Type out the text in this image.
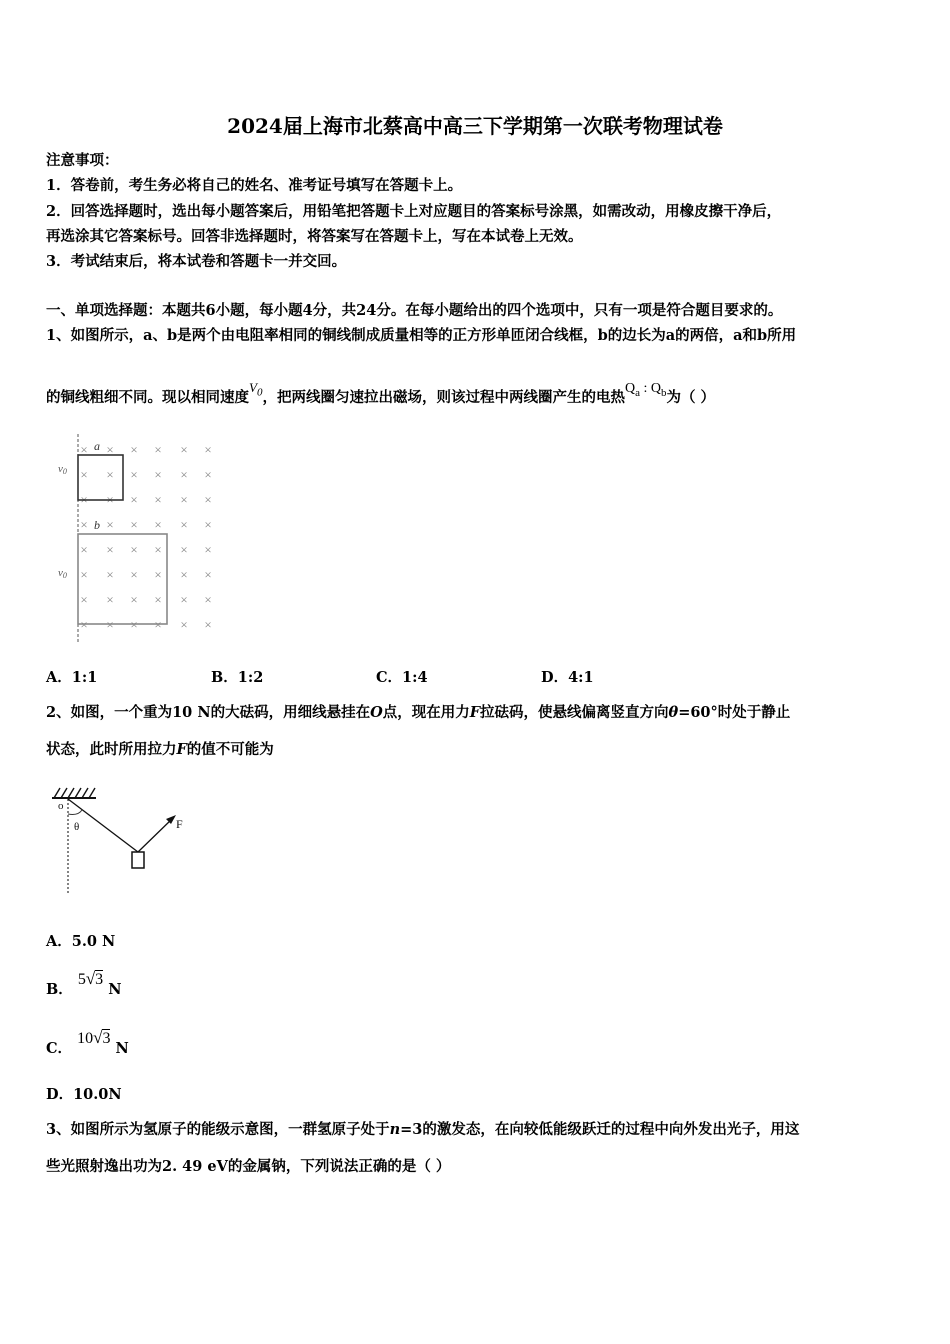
2024届上海市北蔡高中高三下学期第一次联考物理试卷
注意事项：
1．答卷前，考生务必将自己的姓名、准考证号填写在答题卡上。
2．回答选择题时，选出每小题答案后，用铅笔把答题卡上对应题目的答案标号涂黑，如需改动，用橡皮擦干净后，
再选涂其它答案标号。回答非选择题时，将答案写在答题卡上，写在本试卷上无效。
3．考试结束后，将本试卷和答题卡一并交回。
一、单项选择题：本题共6小题，每小题4分，共24分。在每小题给出的四个选项中，只有一项是符合题目要求的。
1、如图所示，a、b是两个由电阻率相同的铜线制成质量相等的正方形单匝闭合线框，b的边长为a的两倍，a和b所用
的铜线粗细不同。现以相同速度$V_0$，把两线圈匀速拉出磁场，则该过程中两线圈产生的电热$Q_a$ : $Q_b$为（ ）
× × × × × ×
× × × × × ×
× × × × × ×
× × × × × ×
× × × × × ×
× × × × × ×
× × × × × ×
× × × × × ×
a
b
v0
v0
A．1:1	B．1:2	C．1:4	D．4:1
2、如图，一个重为10 N的大砝码，用细线悬挂在O点，现在用力F拉砝码，使悬线偏离竖直方向θ=60°时处于静止
状态，此时所用拉力F的值不可能为
o
θ	F
A．5.0 N
B． 5√3 N
C． 10√3 N
D．10.0N
3、如图所示为氢原子的能级示意图，一群氢原子处于n=3的激发态，在向较低能级跃迁的过程中向外发出光子，用这
些光照射逸出功为2. 49 eV的金属钠，下列说法正确的是（ ）
